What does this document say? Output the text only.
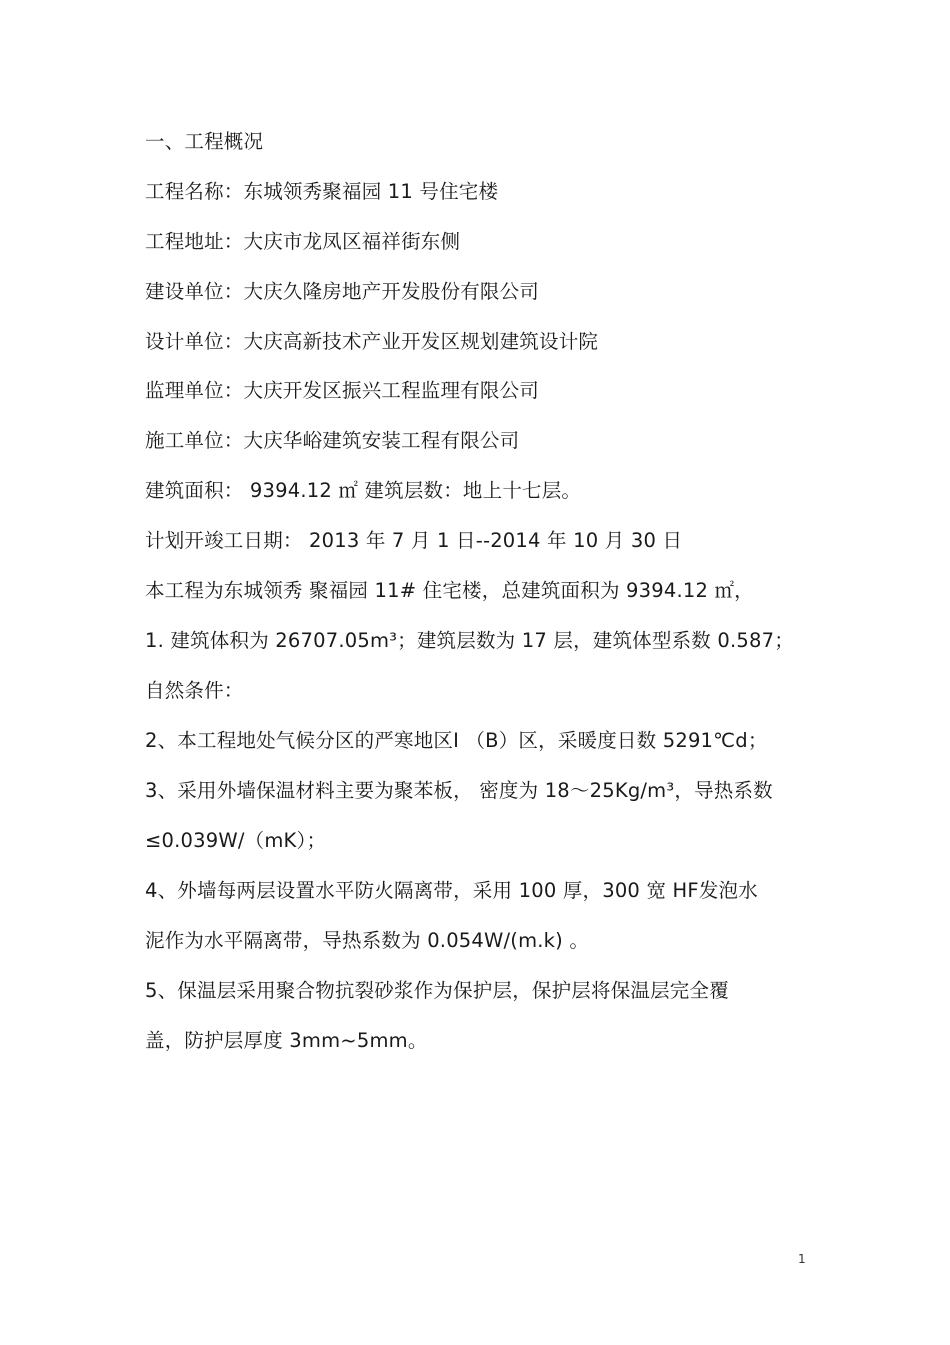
一、工程概况
工程名称：东城领秀聚福园 11 号住宅楼
工程地址：大庆市龙凤区福祥街东侧
建设单位：大庆久隆房地产开发股份有限公司
设计单位：大庆高新技术产业开发区规划建筑设计院
监理单位：大庆开发区振兴工程监理有限公司
施工单位：大庆华峪建筑安装工程有限公司
建筑面积： 9394.12 ㎡ 建筑层数：地上十七层。
计划开竣工日期： 2013 年 7 月 1 日--2014 年 10 月 30 日
本工程为东城领秀 聚福园 11# 住宅楼，总建筑面积为 9394.12 ㎡，
1. 建筑体积为 26707.05m³；建筑层数为 17 层，建筑体型系数 0.587；
自然条件：
2、本工程地处气候分区的严寒地区Ⅰ （B）区，采暖度日数 5291℃d；
3、采用外墙保温材料主要为聚苯板， 密度为 18～25Kg/m³，导热系数
≤0.039W/（mK）；
4、外墙每两层设置水平防火隔离带，采用 100 厚，300 宽 HF发泡水
泥作为水平隔离带，导热系数为 0.054W/(m.k) 。
5、保温层采用聚合物抗裂砂浆作为保护层，保护层将保温层完全覆
盖，防护层厚度 3mm~5mm。
1
